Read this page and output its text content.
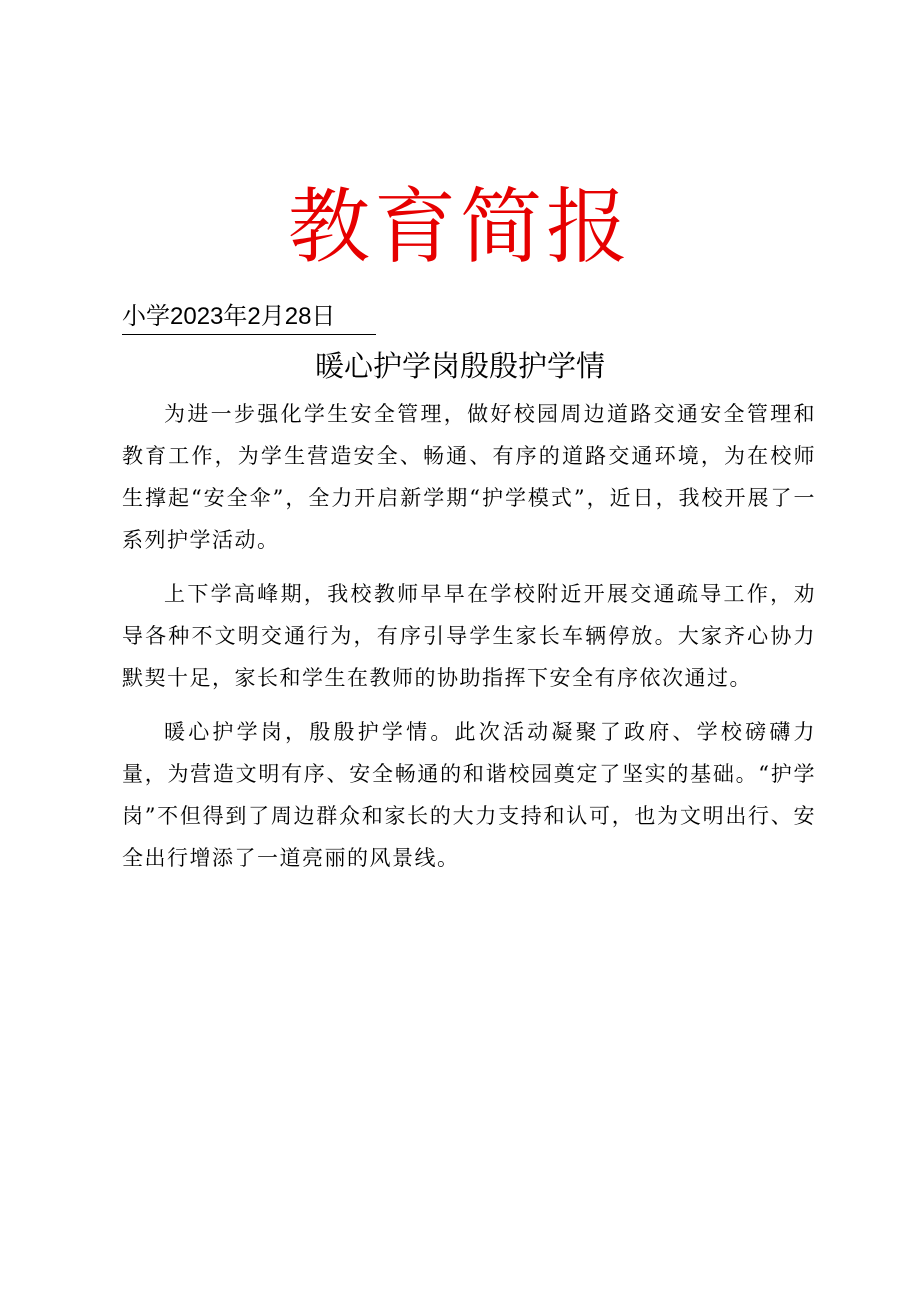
教育简报
小学2023年2月28日
暖心护学岗殷殷护学情

为进一步强化学生安全管理，做好校园周边道路交通安全管理和教育工作，为学生营造安全、畅通、有序的道路交通环境，为在校师生撑起“安全伞”，全力开启新学期“护学模式”，近日，我校开展了一系列护学活动。

上下学高峰期，我校教师早早在学校附近开展交通疏导工作，劝导各种不文明交通行为，有序引导学生家长车辆停放。大家齐心协力默契十足，家长和学生在教师的协助指挥下安全有序依次通过。

暖心护学岗，殷殷护学情。此次活动凝聚了政府、学校磅礴力量，为营造文明有序、安全畅通的和谐校园奠定了坚实的基础。“护学岗”不但得到了周边群众和家长的大力支持和认可，也为文明出行、安全出行增添了一道亮丽的风景线。
